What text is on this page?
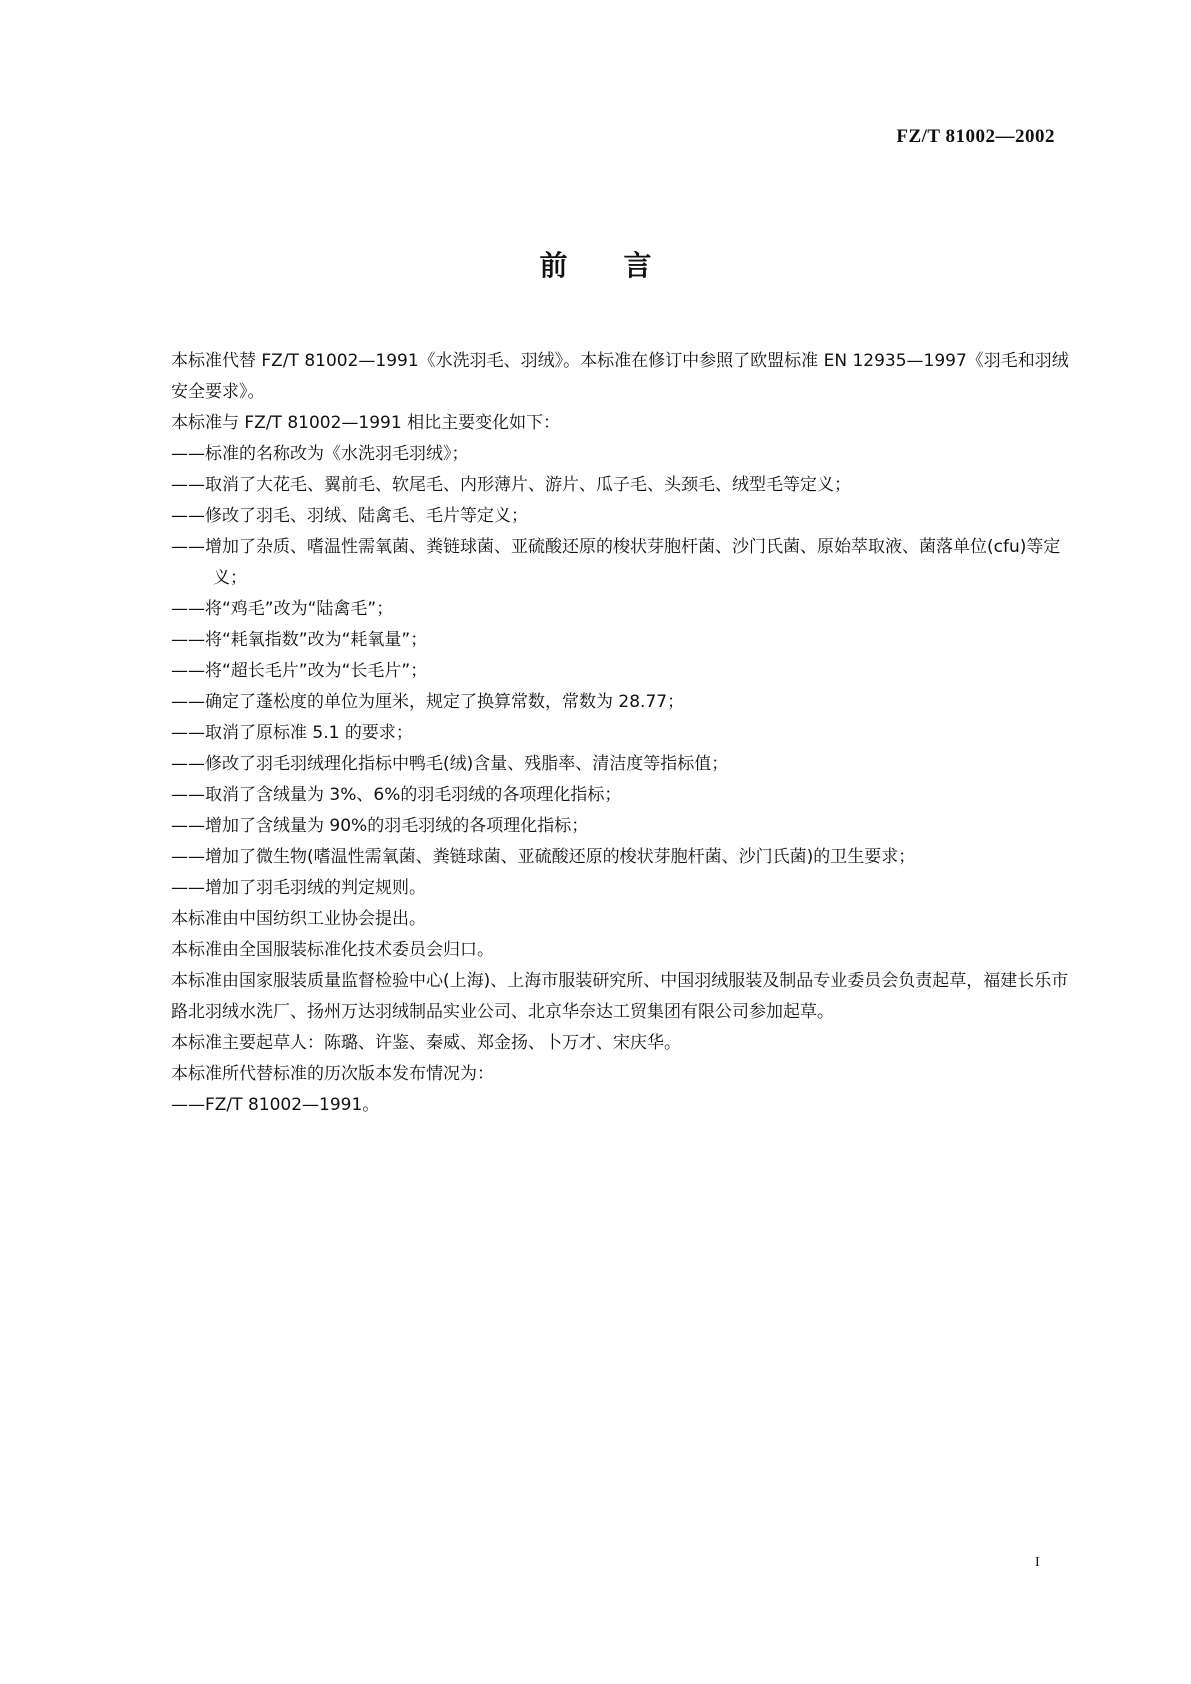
FZ/T 81002—2002
前言

本标准代替 FZ/T 81002—1991《水洗羽毛、羽绒》。本标准在修订中参照了欧盟标准 EN 12935—1997《羽毛和羽绒　安全要求》。

本标准与 FZ/T 81002—1991 相比主要变化如下：

——标准的名称改为《水洗羽毛羽绒》；

——取消了大花毛、翼前毛、软尾毛、内形薄片、游片、瓜子毛、头颈毛、绒型毛等定义；

——修改了羽毛、羽绒、陆禽毛、毛片等定义；

——增加了杂质、嗜温性需氧菌、粪链球菌、亚硫酸还原的梭状芽胞杆菌、沙门氏菌、原始萃取液、菌落单位(cfu)等定义；

——将“鸡毛”改为“陆禽毛”；

——将“耗氧指数”改为“耗氧量”；

——将“超长毛片”改为“长毛片”；

——确定了蓬松度的单位为厘米，规定了换算常数，常数为 28.77；

——取消了原标准 5.1 的要求；

——修改了羽毛羽绒理化指标中鸭毛(绒)含量、残脂率、清洁度等指标值；

——取消了含绒量为 3%、6%的羽毛羽绒的各项理化指标；

——增加了含绒量为 90%的羽毛羽绒的各项理化指标；

——增加了微生物(嗜温性需氧菌、粪链球菌、亚硫酸还原的梭状芽胞杆菌、沙门氏菌)的卫生要求；

——增加了羽毛羽绒的判定规则。

本标准由中国纺织工业协会提出。

本标准由全国服装标准化技术委员会归口。

本标准由国家服装质量监督检验中心(上海)、上海市服装研究所、中国羽绒服装及制品专业委员会负责起草，福建长乐市路北羽绒水洗厂、扬州万达羽绒制品实业公司、北京华奈达工贸集团有限公司参加起草。

本标准主要起草人：陈璐、许鉴、秦威、郑金扬、卜万才、宋庆华。

本标准所代替标准的历次版本发布情况为：

——FZ/T 81002—1991。

I
